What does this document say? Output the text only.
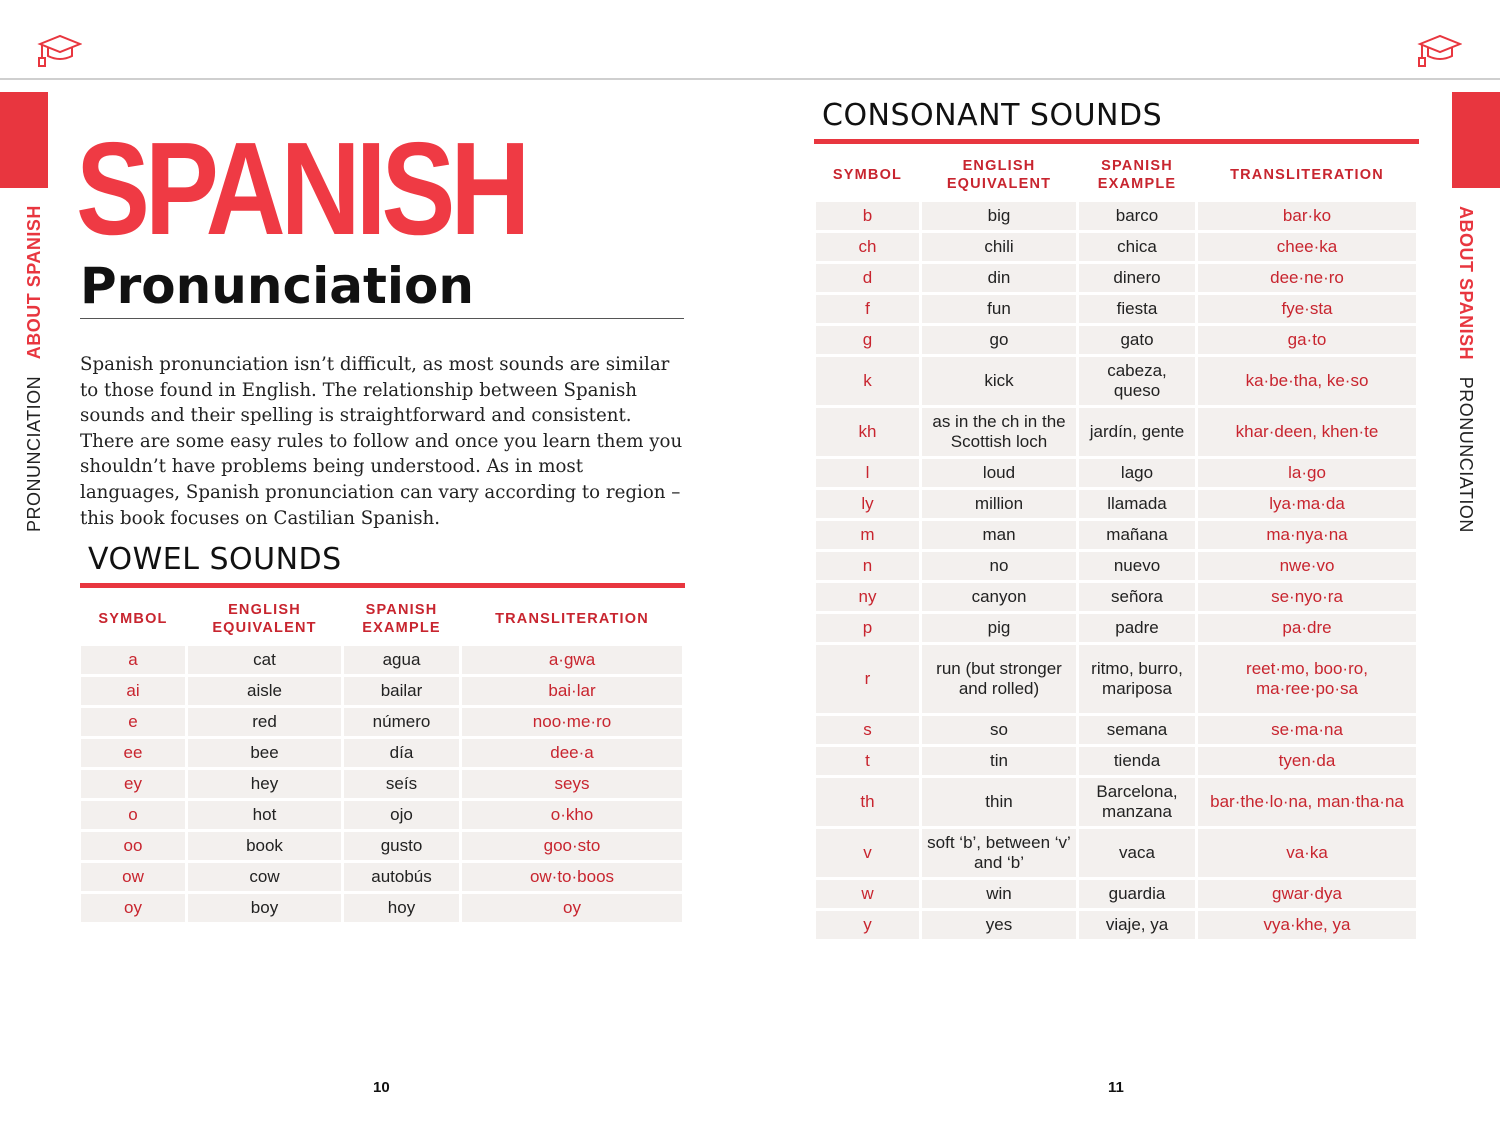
PRONUNCIATION   ABOUT SPANISH	ABOUT SPANISH   PRONUNCIATION
SPANISH
Pronunciation

Spanish pronunciation isn’t difficult, as most sounds are similar to those found in English. The relationship between Spanish sounds and their spelling is straightforward and consistent. There are some easy rules to follow and once you learn them you shouldn’t have problems being understood. As in most languages, Spanish pronunciation can vary according to region – this book focuses on Castilian Spanish.

VOWEL SOUNDS
SYMBOL	ENGLISH EQUIVALENT	SPANISH EXAMPLE	TRANSLITERATION
a	cat	agua	a·gwa
ai	aisle	bailar	bai·lar
e	red	número	noo·me·ro
ee	bee	día	dee·a
ey	hey	seís	seys
o	hot	ojo	o·kho
oo	book	gusto	goo·sto
ow	cow	autobús	ow·to·boos
oy	boy	hoy	oy
10
CONSONANT SOUNDS
SYMBOL	ENGLISH EQUIVALENT	SPANISH EXAMPLE	TRANSLITERATION
b	big	barco	bar·ko
ch	chili	chica	chee·ka
d	din	dinero	dee·ne·ro
f	fun	fiesta	fye·sta
g	go	gato	ga·to
k	kick	cabeza, queso	ka·be·tha, ke·so
kh	as in the ch in the Scottish loch	jardín, gente	khar·deen, khen·te
l	loud	lago	la·go
ly	million	llamada	lya·ma·da
m	man	mañana	ma·nya·na
n	no	nuevo	nwe·vo
ny	canyon	señora	se·nyo·ra
p	pig	padre	pa·dre
r	run (but stronger and rolled)	ritmo, burro, mariposa	reet·mo, boo·ro, ma·ree·po·sa
s	so	semana	se·ma·na
t	tin	tienda	tyen·da
th	thin	Barcelona, manzana	bar·the·lo·na, man·tha·na
v	soft ‘b’, between ‘v’ and ‘b’	vaca	va·ka
w	win	guardia	gwar·dya
y	yes	viaje, ya	vya·khe, ya
11
